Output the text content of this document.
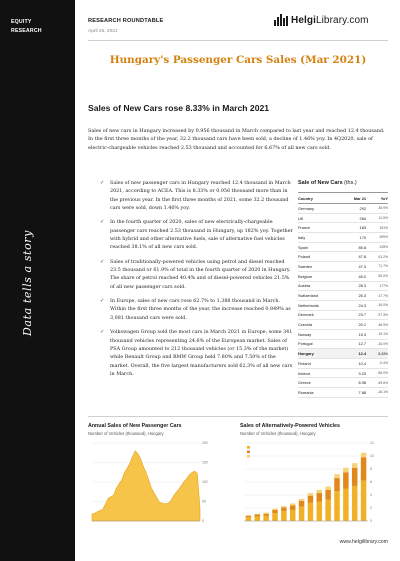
EQUITY
RESEARCH
Data tells a story
RESEARCH ROUNDTABLE
April 26, 2021
HelgiLibrary.com
Hungary's Passenger Cars Sales (Mar 2021)
Sales of New Cars rose 8.33% in March 2021
Sales of new cars in Hungary increased by 0.956 thousand in March compared to last year and reached 12.4 thousand. In the first three months of the year, 32.2 thousand cars have been sold, a decline of 1.46% yoy. In 4Q2020, sale of electric-chargeable vehicles reached 2.53 thousand and accounted for 6.67% of all new cars sold.
✓ Sales of new passenger cars in Hungary reached 12.4 thousand in March 2021, according to ACEA. This is 8.33% or 0.956 thousand more than in the previous year. In the first three months of 2021, some 32.2 thousand cars were sold, down 1.46% yoy.
✓ In the fourth quarter of 2020, sales of new electrically-chargeable passenger cars reached 2.53 thousand in Hungary, up 182% yoy. Together with hybrid and other alternative fuels, sale of alternative fuel vehicles reached 38.1% of all new cars sold.
✓ Sales of traditionally-powered vehicles using petrol and diesel reached 23.5 thousand or 61.9% of total in the fourth quarter of 2020 in Hungary. The share of petrol reached 40.4% and of diesel-powered vehicles 21.5% of all new passenger cars sold.
✓ In Europe, sales of new cars rose 62.7% to 1,388 thousand in March. Within the first three months of the year, the increase reached 0.849% as 3,081 thousand cars were sold.
✓ Volkswagen Group sold the most cars in March 2021 in Europe, some 341 thousand vehicles representing 24.6% of the European market. Sales of PSA Group amounted to 212 thousand vehicles (or 15.3% of the market) while Renault Group and BMW Group held 7.80% and 7.50% of the market. Overall, the five largest manufacturers sold 62.3% of all new cars in March.
Sale of New Cars (ths.)
Country	Mar 21	YoY
Germany	292	35.9%
UK	284	11.5%
France	183	191%
Italy	170	499%
Spain	85.8	128%
Poland	47.8	61.2%
Sweden	47.3	71.7%
Belgium	45.0	56.0%
Austria	28.3	177%
Switzerland	25.3	47.7%
Netherlands	24.3	-16.0%
Denmark	23.7	97.3%
Czechia	20.1	46.9%
Norway	15.3	15.1%
Portugal	12.7	-16.0%
Hungary	12.4	8.33%
Finland	10.4	-0.4%
Ireland	9.23	-56.0%
Greece	8.98	-49.6%
Romania	7.88	-16.1%
Annual Sales of New Passenger Cars
Number of Vehicles (thousand), Hungary
0
50
100
150
200
Sales of Alternatively-Powered Vehicles
Number of Vehicles (thousand), Hungary
0
2
4
6
8
10
12
www.helgilibrary.com
